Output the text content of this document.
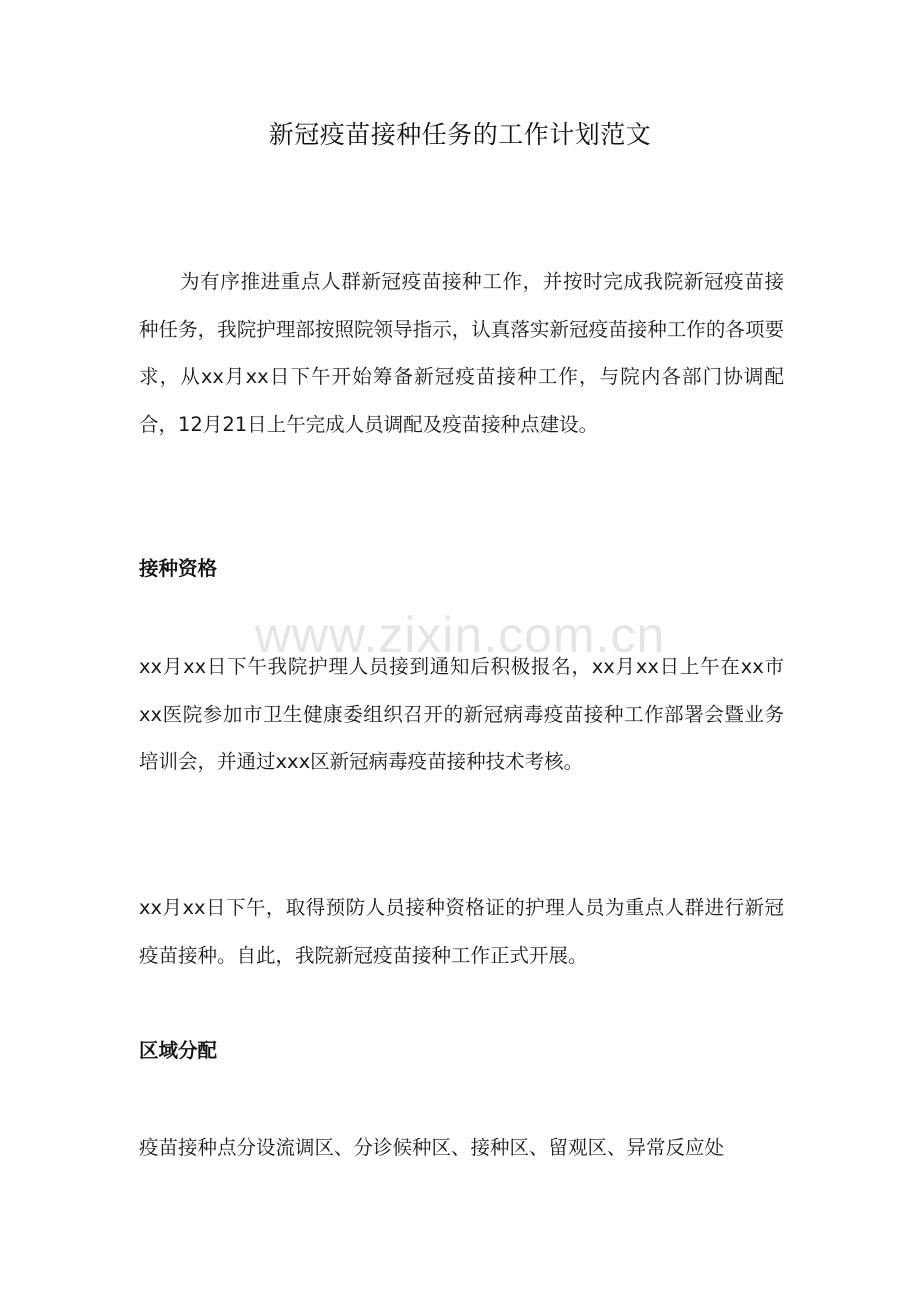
新冠疫苗接种任务的工作计划范文

为有序推进重点人群新冠疫苗接种工作，并按时完成我院新冠疫苗接种任务，我院护理部按照院领导指示，认真落实新冠疫苗接种工作的各项要求，从xx月xx日下午开始筹备新冠疫苗接种工作，与院内各部门协调配合，12月21日上午完成人员调配及疫苗接种点建设。

接种资格

xx月xx日下午我院护理人员接到通知后积极报名，xx月xx日上午在xx市xx医院参加市卫生健康委组织召开的新冠病毒疫苗接种工作部署会暨业务培训会，并通过xxx区新冠病毒疫苗接种技术考核。

xx月xx日下午，取得预防人员接种资格证的护理人员为重点人群进行新冠疫苗接种。自此，我院新冠疫苗接种工作正式开展。

区域分配

疫苗接种点分设流调区、分诊候种区、接种区、留观区、异常反应处

www.zixin.com.cn
